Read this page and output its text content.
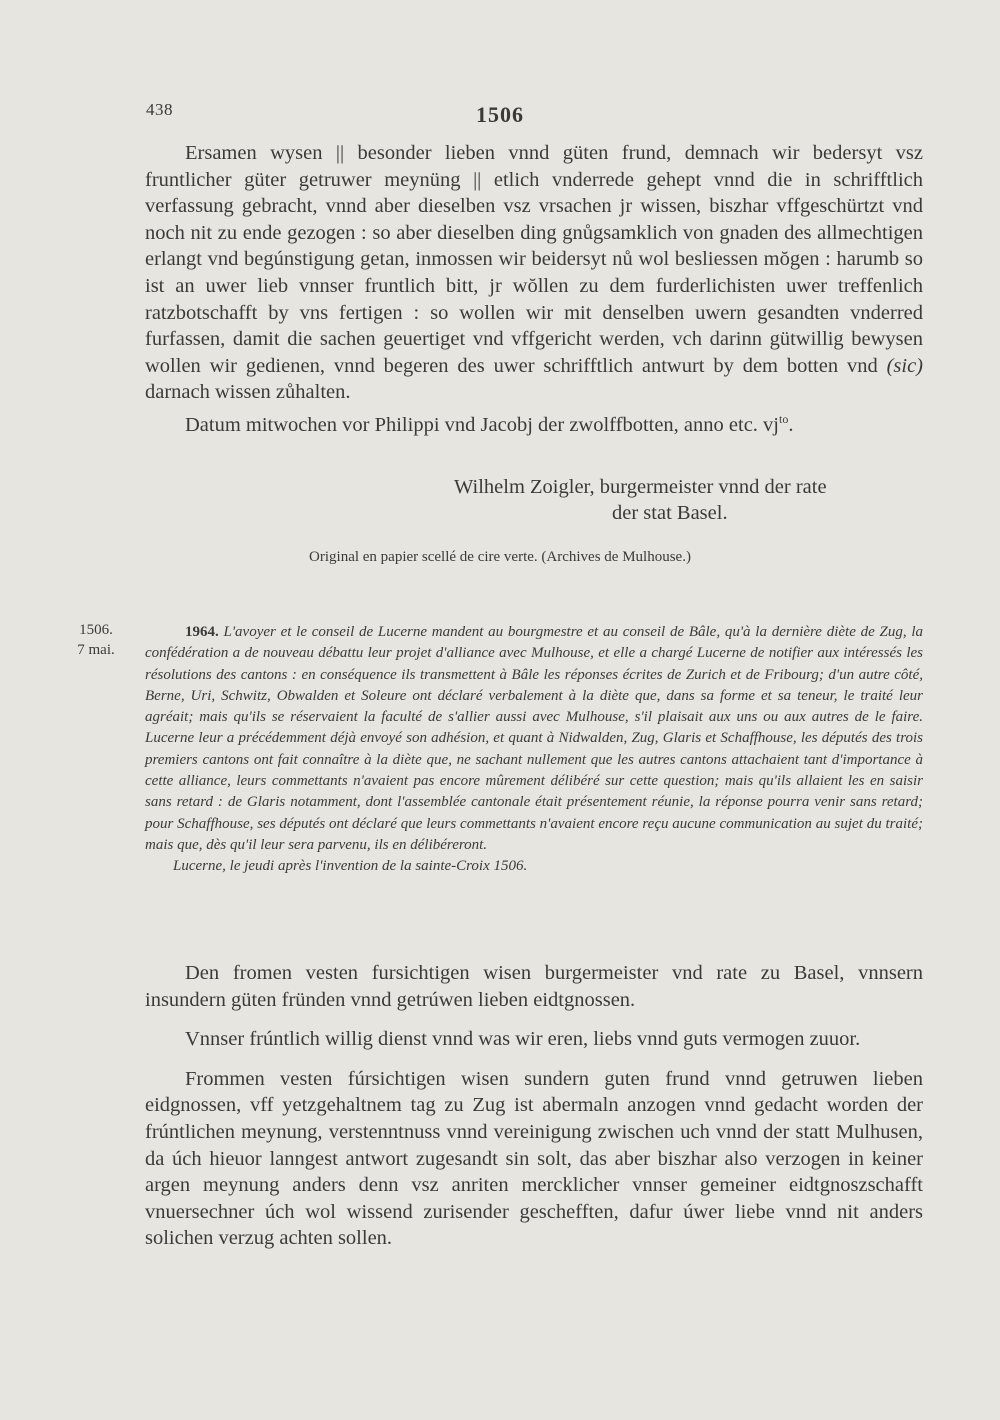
438	1506

Ersamen wysen || besonder lieben vnnd güten frund, demnach wir bedersyt vsz fruntlicher güter getruwer meynüng || etlich vnderrede gehept vnnd die in schrifftlich verfassung gebracht, vnnd aber dieselben vsz vrsachen jr wissen, biszhar vffgeschürtzt vnd noch nit zu ende gezogen : so aber dieselben ding gnůgsamklich von gnaden des allmechtigen erlangt vnd begúnstigung getan, inmossen wir beidersyt nů wol besliessen mŏgen : harumb so ist an uwer lieb vnnser fruntlich bitt, jr wŏllen zu dem furderlichisten uwer treffenlich ratzbotschafft by vns fertigen : so wollen wir mit denselben uwern gesandten vnderred furfassen, damit die sachen geuertiget vnd vffgericht werden, vch darinn gütwillig bewysen wollen wir gedienen, vnnd begeren des uwer schrifftlich antwurt by dem botten vnd (sic) darnach wissen zůhalten.

Datum mitwochen vor Philippi vnd Jacobj der zwolffbotten, anno etc. $vj^{to}$.

Wilhelm Zoigler, burgermeister vnnd der rate
der stat Basel.
Original en papier scellé de cire verte. (Archives de Mulhouse.)
1506.
7 mai.

1964. L'avoyer et le conseil de Lucerne mandent au bourgmestre et au conseil de Bâle, qu'à la dernière diète de Zug, la confédération a de nouveau débattu leur projet d'alliance avec Mulhouse, et elle a chargé Lucerne de notifier aux intéressés les résolutions des cantons : en conséquence ils transmettent à Bâle les réponses écrites de Zurich et de Fribourg; d'un autre côté, Berne, Uri, Schwitz, Obwalden et Soleure ont déclaré verbalement à la diète que, dans sa forme et sa teneur, le traité leur agréait; mais qu'ils se réservaient la faculté de s'allier aussi avec Mulhouse, s'il plaisait aux uns ou aux autres de le faire. Lucerne leur a précédemment déjà envoyé son adhésion, et quant à Nidwalden, Zug, Glaris et Schaffhouse, les députés des trois premiers cantons ont fait connaître à la diète que, ne sachant nullement que les autres cantons attachaient tant d'importance à cette alliance, leurs commettants n'avaient pas encore mûrement délibéré sur cette question; mais qu'ils allaient les en saisir sans retard : de Glaris notamment, dont l'assemblée cantonale était présentement réunie, la réponse pourra venir sans retard; pour Schaffhouse, ses députés ont déclaré que leurs commettants n'avaient encore reçu aucune communication au sujet du traité; mais que, dès qu'il leur sera parvenu, ils en délibéreront.

Lucerne, le jeudi après l'invention de la sainte-Croix 1506.

Den fromen vesten fursichtigen wisen burgermeister vnd rate zu Basel, vnnsern insundern güten fründen vnnd getrúwen lieben eidtgnossen.

Vnnser frúntlich willig dienst vnnd was wir eren, liebs vnnd guts vermogen zuuor.

Frommen vesten fúrsichtigen wisen sundern guten frund vnnd getruwen lieben eidgnossen, vff yetzgehaltnem tag zu Zug ist abermaln anzogen vnnd gedacht worden der frúntlichen meynung, verstenntnuss vnnd vereinigung zwischen uch vnnd der statt Mulhusen, da úch hieuor lanngest antwort zugesandt sin solt, das aber biszhar also verzogen in keiner argen meynung anders denn vsz anriten mercklicher vnnser gemeiner eidtgnoszschafft vnuersechner úch wol wissend zurisender geschefften, dafur úwer liebe vnnd nit anders solichen verzug achten sollen.
